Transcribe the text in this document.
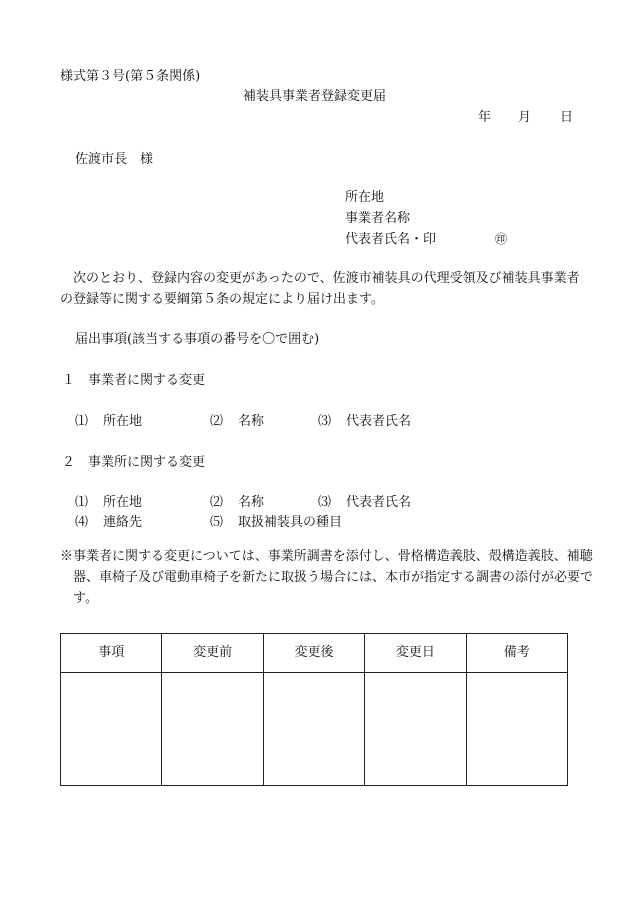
様式第３号(第５条関係)
補装具事業者登録変更届
年 月 日
佐渡市長　様
所在地
事業者名称
代表者氏名・印	㊞
次のとおり、登録内容の変更があったので、佐渡市補装具の代理受領及び補装具事業者の登録等に関する要綱第５条の規定により届け出ます。
届出事項(該当する事項の番号を〇で囲む)
１　事業者に関する変更
⑴ 所在地	⑵ 名称	⑶ 代表者氏名
２　事業所に関する変更
⑴ 所在地	⑵ 名称	⑶ 代表者氏名
⑷ 連絡先	⑸ 取扱補装具の種目
※事業者に関する変更については、事業所調書を添付し、骨格構造義肢、殻構造義肢、補聴器、車椅子及び電動車椅子を新たに取扱う場合には、本市が指定する調書の添付が必要です。
事項	変更前	変更後	変更日	備考
